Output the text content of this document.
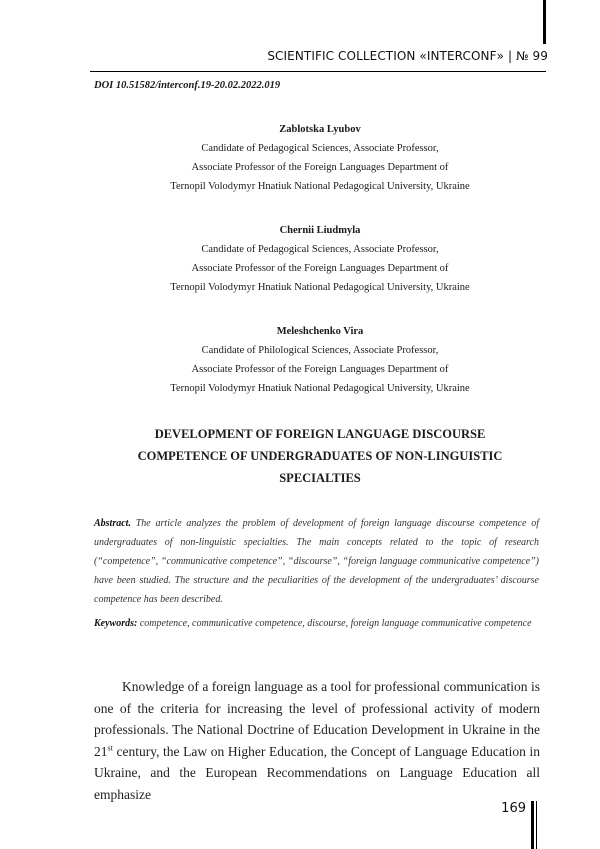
SCIENTIFIC COLLECTION «INTERCONF» | № 99
DOI 10.51582/interconf.19-20.02.2022.019
Zablotska Lyubov
Candidate of Pedagogical Sciences, Associate Professor,
Associate Professor of the Foreign Languages Department of
Ternopil Volodymyr Hnatiuk National Pedagogical University, Ukraine
Chernii Liudmyla
Candidate of Pedagogical Sciences, Associate Professor,
Associate Professor of the Foreign Languages Department of
Ternopil Volodymyr Hnatiuk National Pedagogical University, Ukraine
Meleshchenko Vira
Candidate of Philological Sciences, Associate Professor,
Associate Professor of the Foreign Languages Department of
Ternopil Volodymyr Hnatiuk National Pedagogical University, Ukraine
DEVELOPMENT OF FOREIGN LANGUAGE DISCOURSE
COMPETENCE OF UNDERGRADUATES OF NON-LINGUISTIC
SPECIALTIES
Abstract. The article analyzes the problem of development of foreign language discourse competence of undergraduates of non-linguistic specialties. The main concepts related to the topic of research (“competence”, “communicative competence”, “discourse”, “foreign language communicative competence”) have been studied. The structure and the peculiarities of the development of the undergraduates’ discourse competence has been described.
Keywords: competence, communicative competence, discourse, foreign language communicative competence
Knowledge of a foreign language as a tool for professional communication is one of the criteria for increasing the level of professional activity of modern professionals. The National Doctrine of Education Development in Ukraine in the 21st century, the Law on Higher Education, the Concept of Language Education in Ukraine, and the European Recommendations on Language Education all emphasize
169
